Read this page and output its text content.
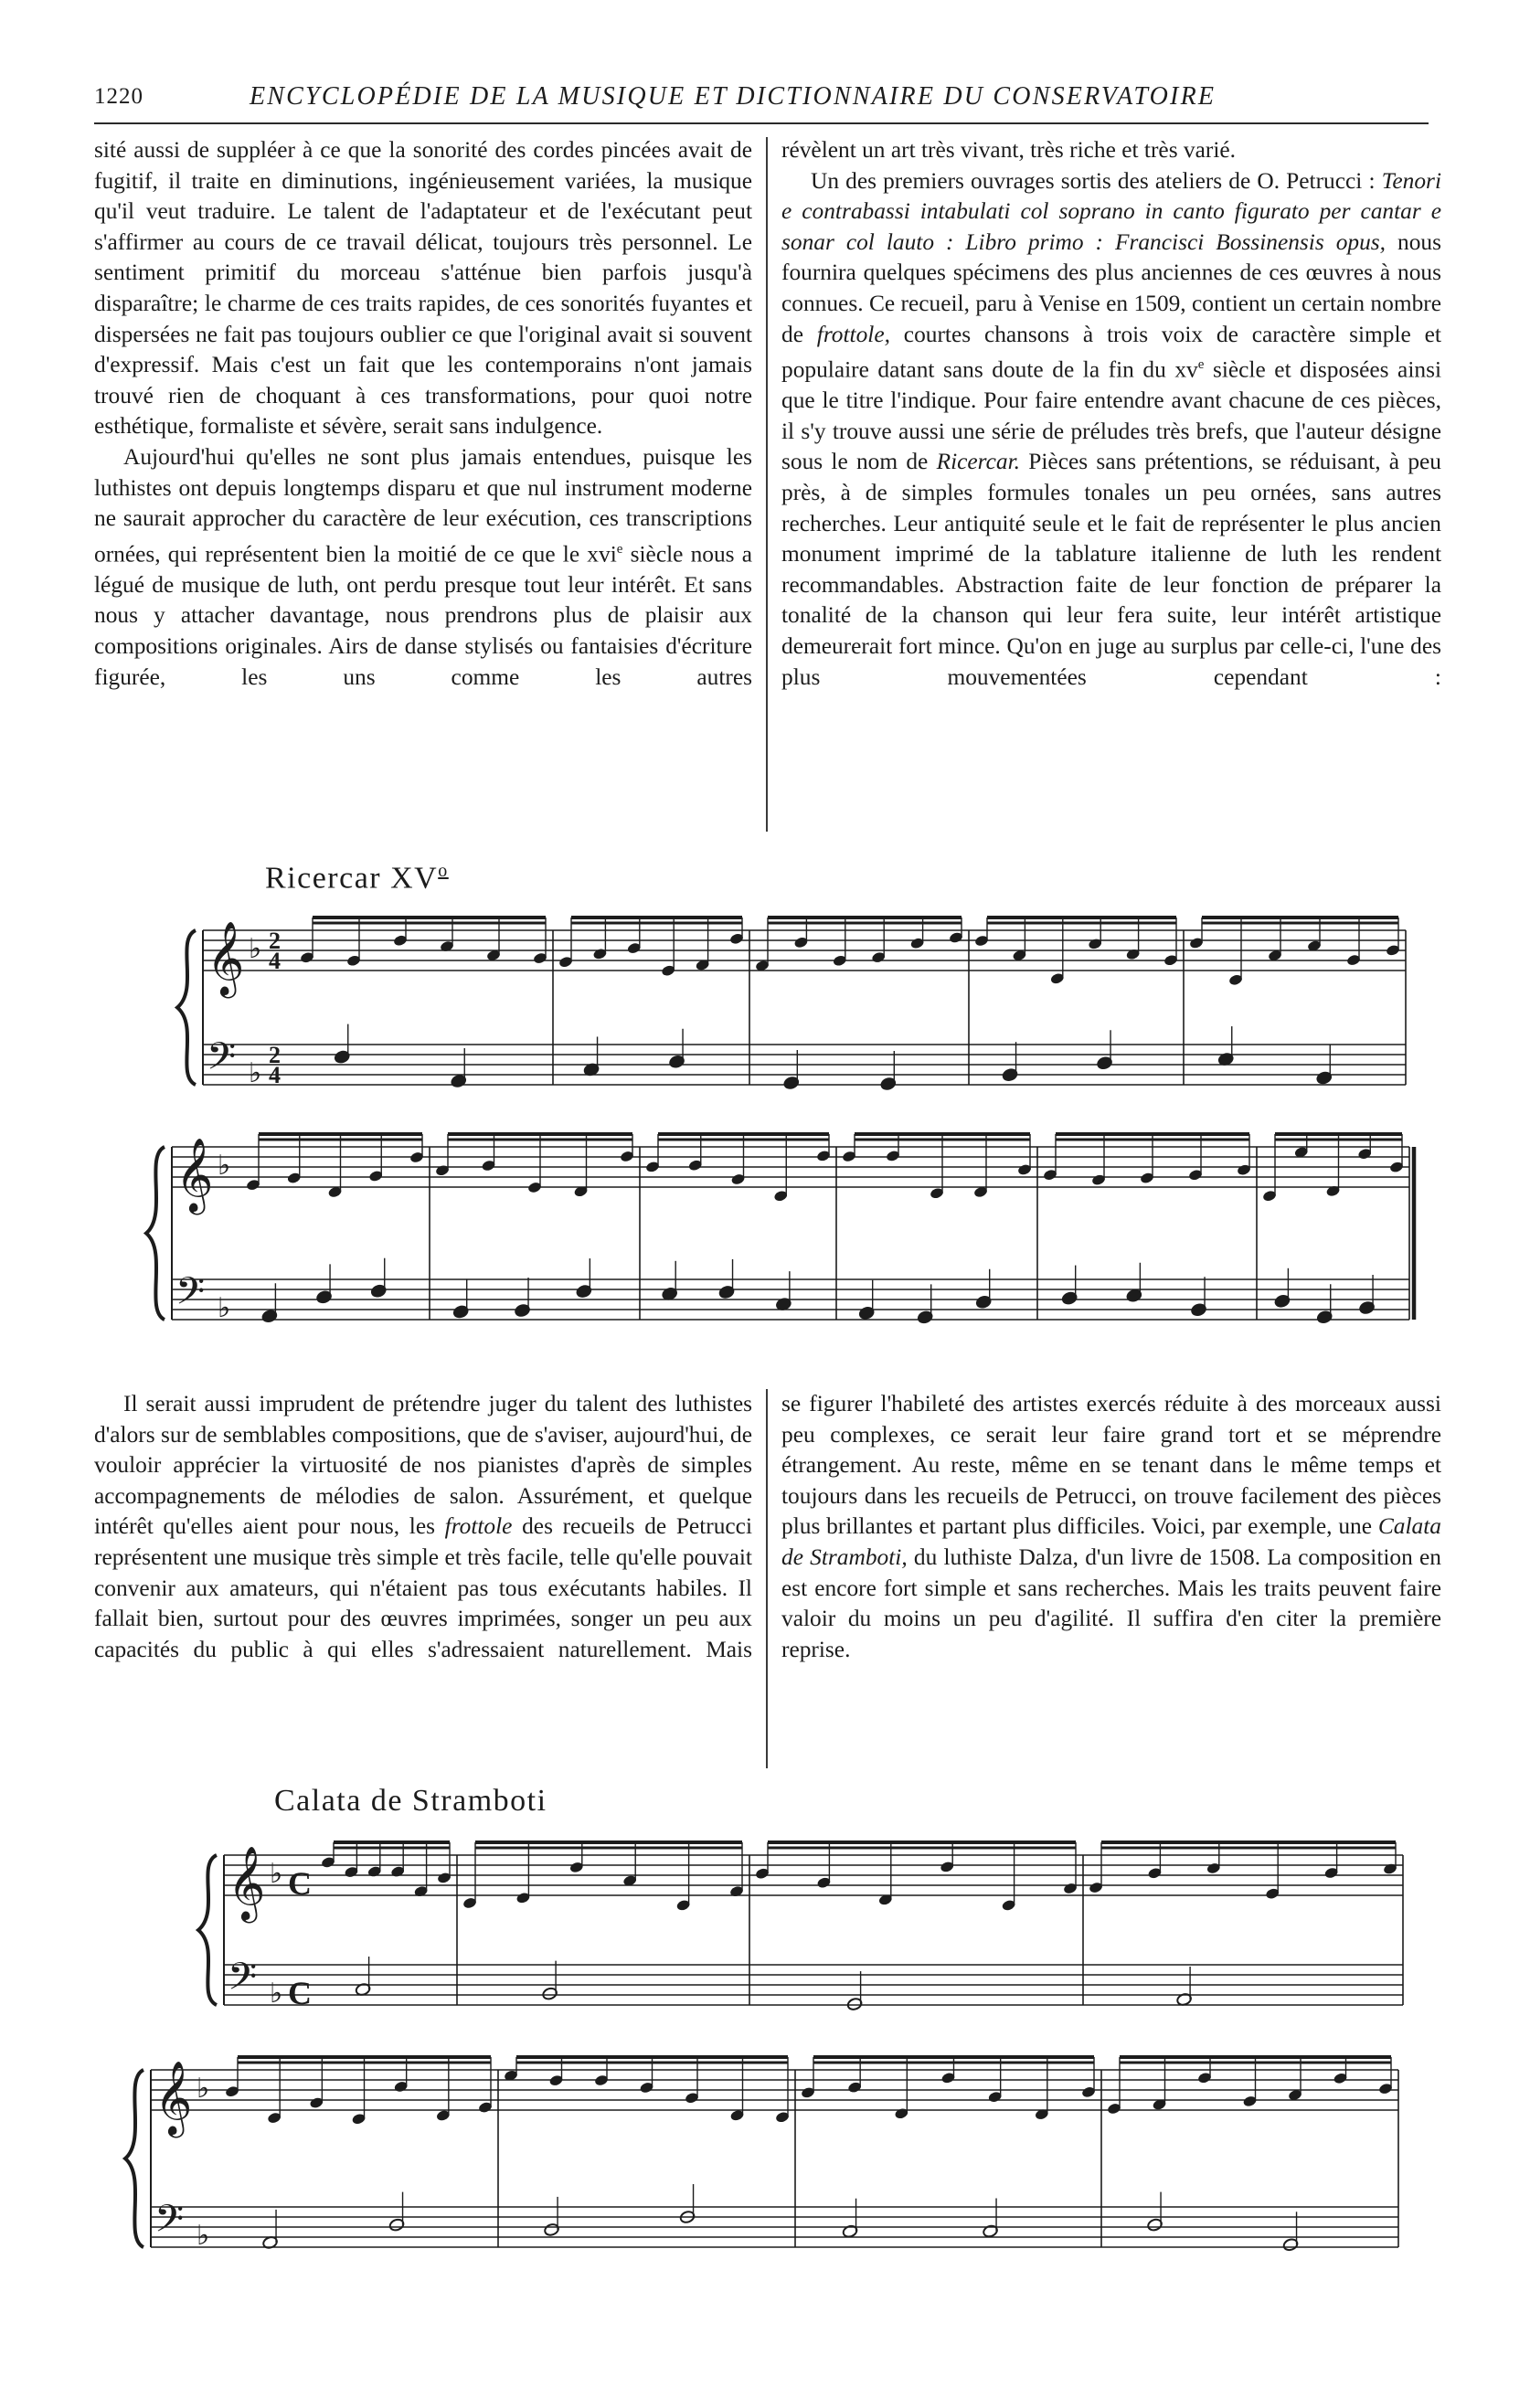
1220	ENCYCLOPÉDIE DE LA MUSIQUE ET DICTIONNAIRE DU CONSERVATOIRE

sité aussi de suppléer à ce que la sonorité des cordes pincées avait de fugitif, il traite en diminutions, ingénieusement variées, la musique qu'il veut traduire. Le talent de l'adaptateur et de l'exécutant peut s'affirmer au cours de ce travail délicat, toujours très personnel. Le sentiment primitif du morceau s'atténue bien parfois jusqu'à disparaître; le charme de ces traits rapides, de ces sonorités fuyantes et dispersées ne fait pas toujours oublier ce que l'original avait si souvent d'expressif. Mais c'est un fait que les contemporains n'ont jamais trouvé rien de choquant à ces transformations, pour quoi notre esthétique, formaliste et sévère, serait sans indulgence.

Aujourd'hui qu'elles ne sont plus jamais entendues, puisque les luthistes ont depuis longtemps disparu et que nul instrument moderne ne saurait approcher du caractère de leur exécution, ces transcriptions ornées, qui représentent bien la moitié de ce que le xvi$^e$ siècle nous a légué de musique de luth, ont perdu presque tout leur intérêt. Et sans nous y attacher davantage, nous prendrons plus de plaisir aux compositions originales. Airs de danse stylisés ou fantaisies d'écriture figurée, les uns comme les autres

révèlent un art très vivant, très riche et très varié.

Un des premiers ouvrages sortis des ateliers de O. Petrucci : Tenori e contrabassi intabulati col soprano in canto figurato per cantar e sonar col lauto : Libro primo : Francisci Bossinensis opus, nous fournira quelques spécimens des plus anciennes de ces œuvres à nous connues. Ce recueil, paru à Venise en 1509, contient un certain nombre de frottole, courtes chansons à trois voix de caractère simple et populaire datant sans doute de la fin du $xv^e$ siècle et disposées ainsi que le titre l'indique. Pour faire entendre avant chacune de ces pièces, il s'y trouve aussi une série de préludes très brefs, que l'auteur désigne sous le nom de Ricercar. Pièces sans prétentions, se réduisant, à peu près, à de simples formules tonales un peu ornées, sans autres recherches. Leur antiquité seule et le fait de représenter le plus ancien monument imprimé de la tablature italienne de luth les rendent recommandables. Abstraction faite de leur fonction de préparer la tonalité de la chanson qui leur fera suite, leur intérêt artistique demeurerait fort mince. Qu'on en juge au surplus par celle-ci, l'une des plus mouvementées cependant :

Ricercar $XV^o$
𝄞
𝄢
♭
♭
2
4
2
4
𝄞
𝄢
♭
♭

Il serait aussi imprudent de prétendre juger du talent des luthistes d'alors sur de semblables compositions, que de s'aviser, aujourd'hui, de vouloir apprécier la virtuosité de nos pianistes d'après de simples accompagnements de mélodies de salon. Assurément, et quelque intérêt qu'elles aient pour nous, les frottole des recueils de Petrucci représentent une musique très simple et très facile, telle qu'elle pouvait convenir aux amateurs, qui n'étaient pas tous exécutants habiles. Il fallait bien, surtout pour des œuvres imprimées, songer un peu aux capacités du public à qui elles s'adressaient naturellement. Mais

se figurer l'habileté des artistes exercés réduite à des morceaux aussi peu complexes, ce serait leur faire grand tort et se méprendre étrangement. Au reste, même en se tenant dans le même temps et toujours dans les recueils de Petrucci, on trouve facilement des pièces plus brillantes et partant plus difficiles. Voici, par exemple, une Calata de Stramboti, du luthiste Dalza, d'un livre de 1508. La composition en est encore fort simple et sans recherches. Mais les traits peuvent faire valoir du moins un peu d'agilité. Il suffira d'en citer la première reprise.

Calata de Stramboti
𝄞
𝄢
♭
♭
C
C
𝄞
𝄢
♭
♭
